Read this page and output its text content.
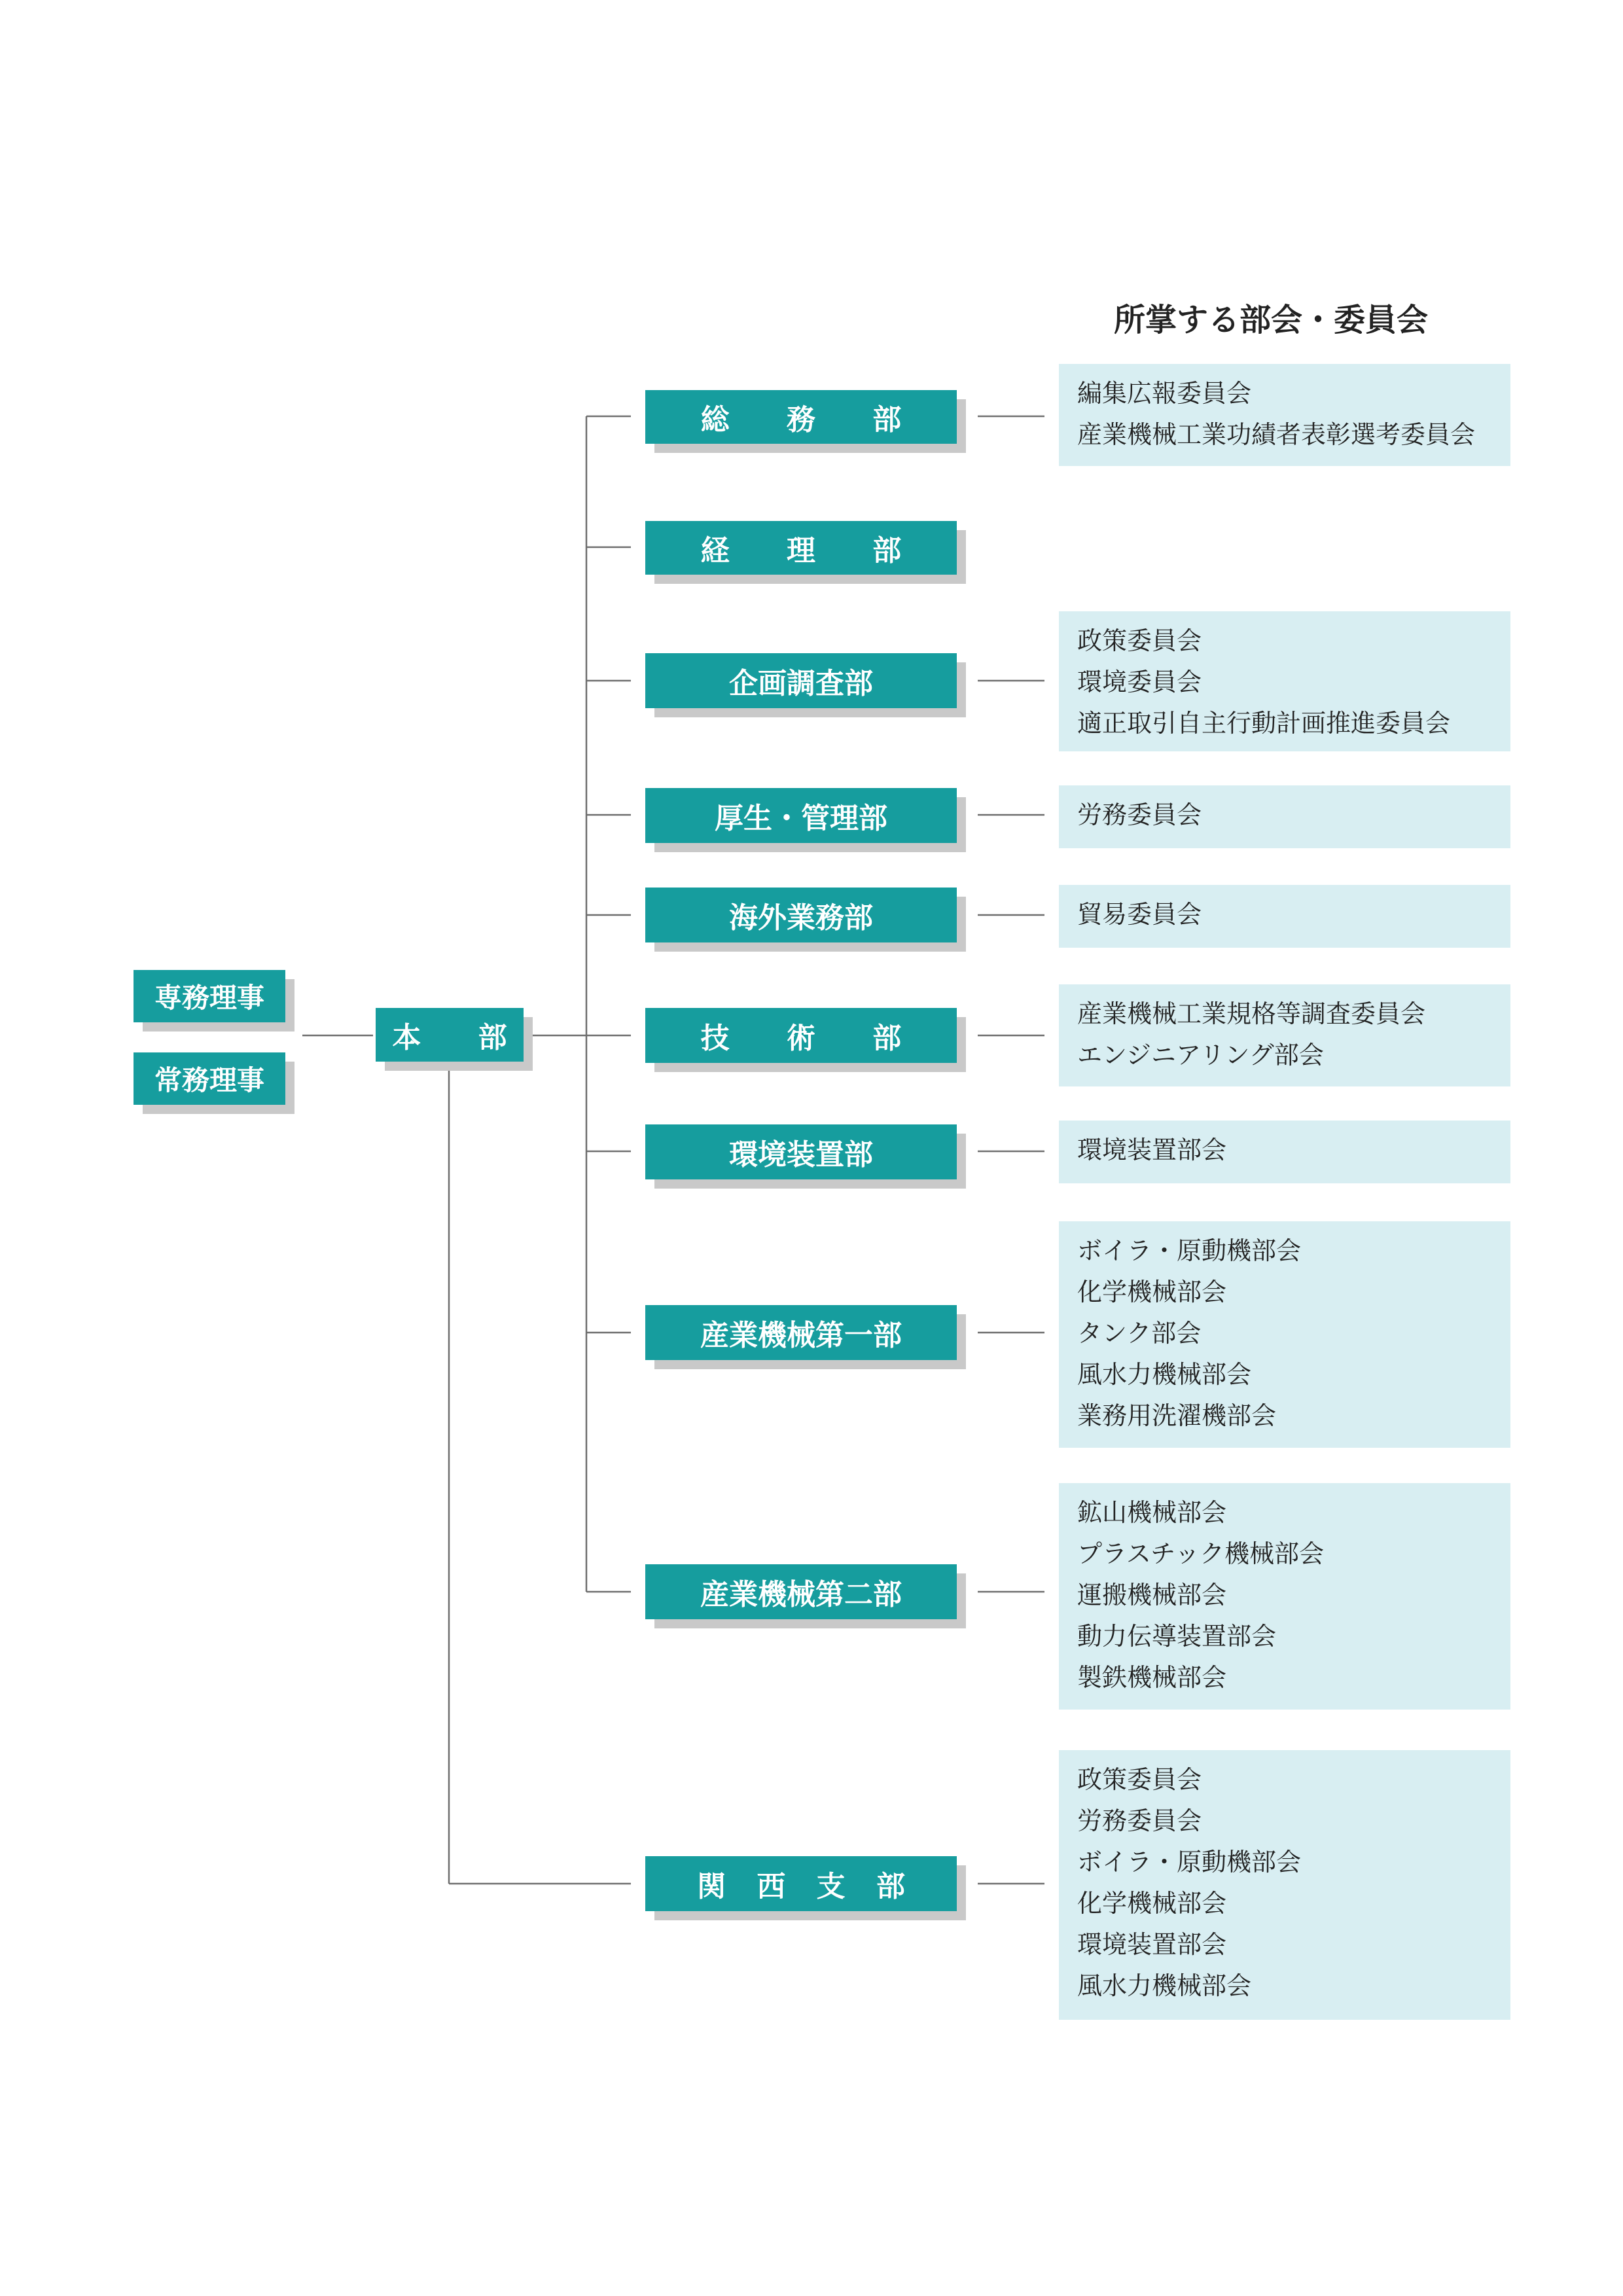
所掌する部会・委員会
専務理事
常務理事
本 部
総 務 部
経 理 部
企画調査部
厚生・管理部
海外業務部
技 術 部
環境装置部
産業機械第一部
産業機械第二部
関 西 支 部
編集広報委員会
産業機械工業功績者表彰選考委員会
政策委員会
環境委員会
適正取引自主行動計画推進委員会
労務委員会
貿易委員会
産業機械工業規格等調査委員会
エンジニアリング部会
環境装置部会
ボイラ・原動機部会
化学機械部会
タンク部会
風水力機械部会
業務用洗濯機部会
鉱山機械部会
プラスチック機械部会
運搬機械部会
動力伝導装置部会
製鉄機械部会
政策委員会
労務委員会
ボイラ・原動機部会
化学機械部会
環境装置部会
風水力機械部会
